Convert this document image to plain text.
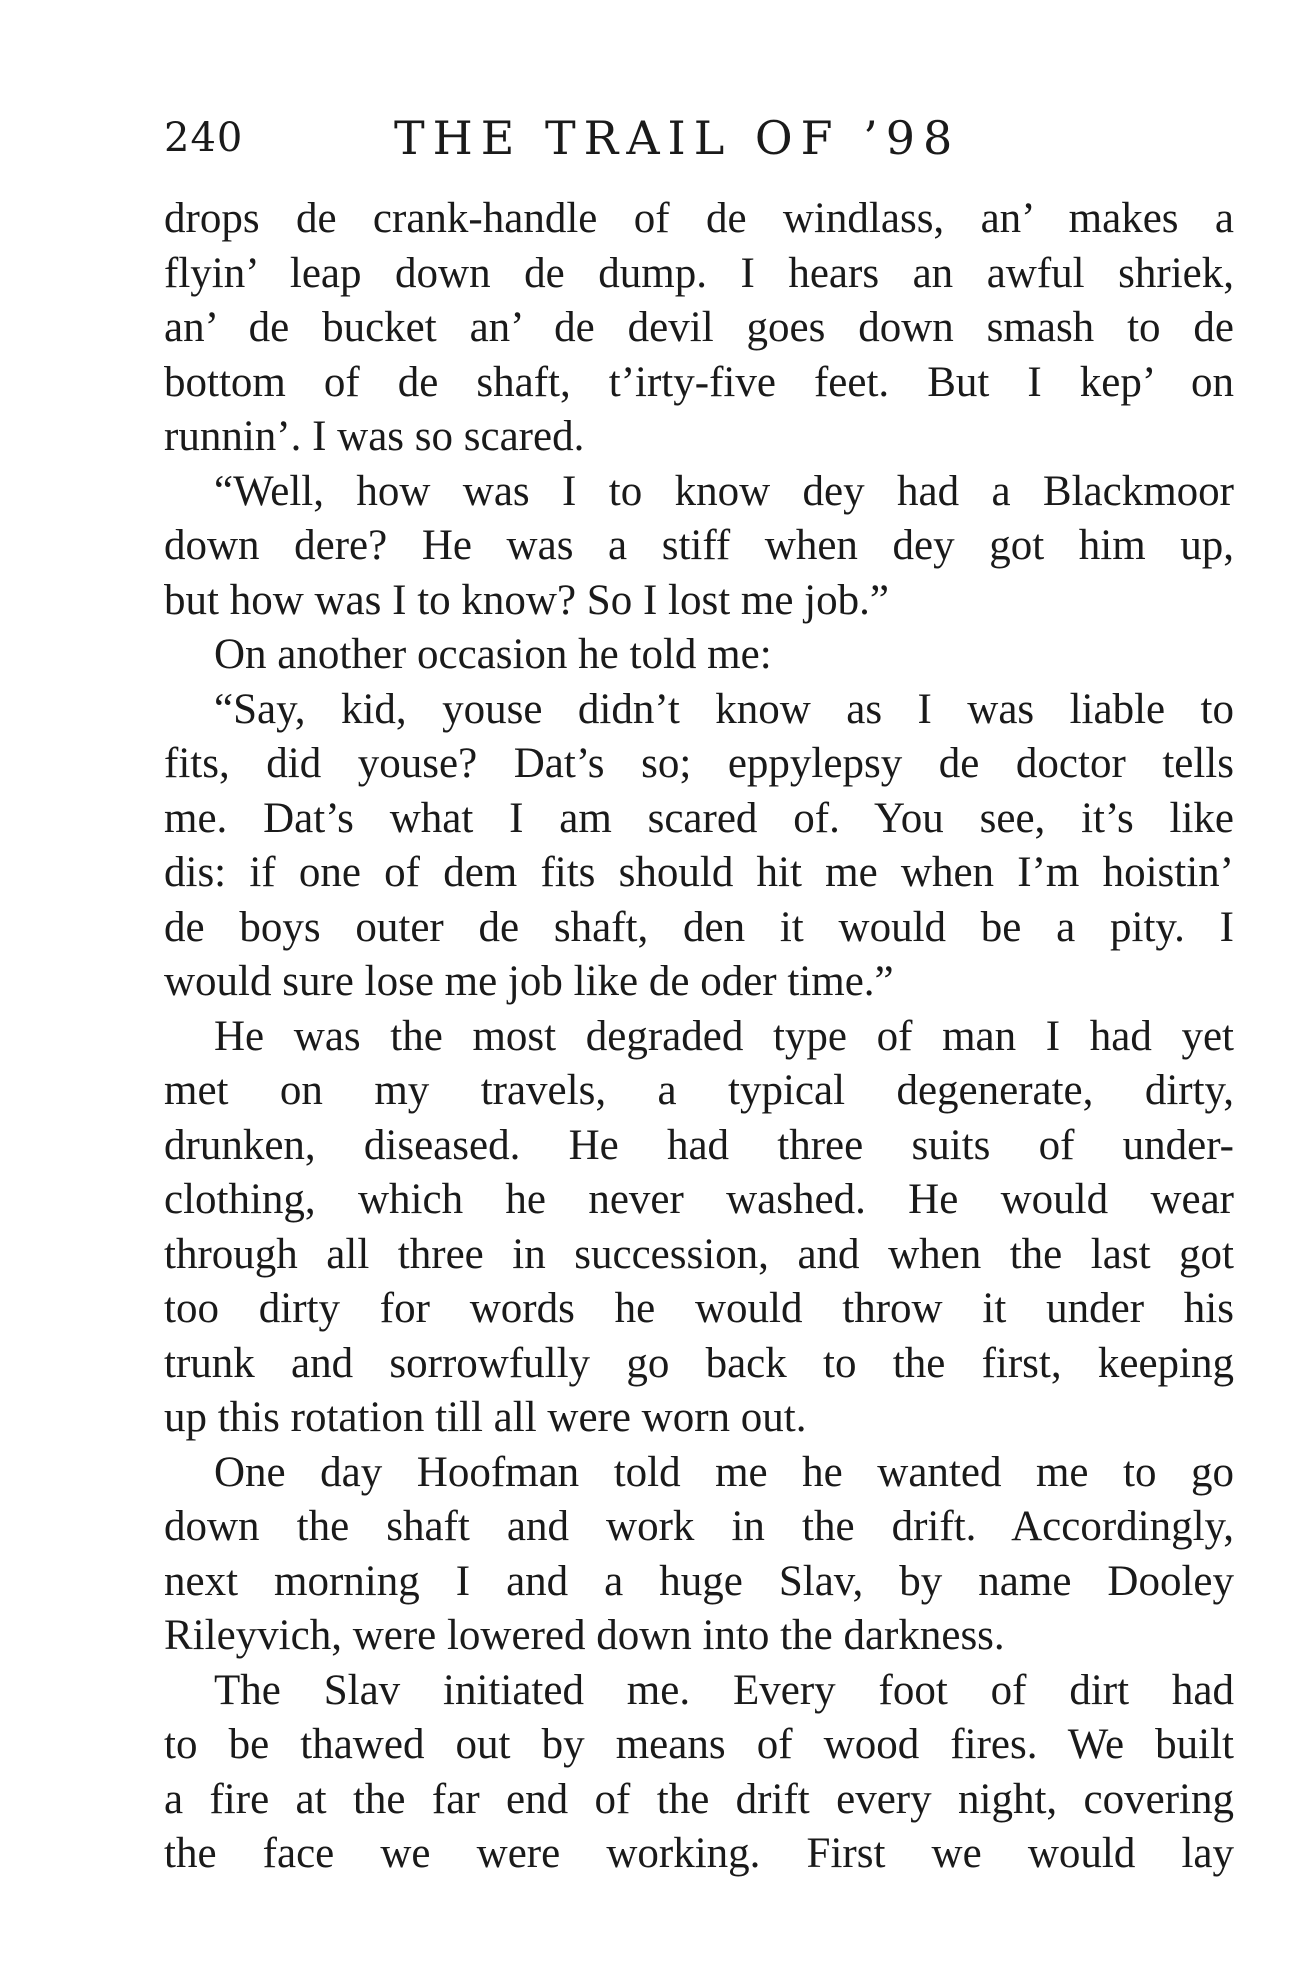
240	THE TRAIL OF ’98
drops de crank-handle of de windlass, an’ makes a
flyin’ leap down de dump. I hears an awful shriek,
an’ de bucket an’ de devil goes down smash to de
bottom of de shaft, t’irty-five feet. But I kep’ on
runnin’. I was so scared.
“Well, how was I to know dey had a Blackmoor
down dere? He was a stiff when dey got him up,
but how was I to know? So I lost me job.”
On another occasion he told me:
“Say, kid, youse didn’t know as I was liable to
fits, did youse? Dat’s so; eppylepsy de doctor tells
me. Dat’s what I am scared of. You see, it’s like
dis: if one of dem fits should hit me when I’m hoistin’
de boys outer de shaft, den it would be a pity. I
would sure lose me job like de oder time.”
He was the most degraded type of man I had yet
met on my travels, a typical degenerate, dirty,
drunken, diseased. He had three suits of under-
clothing, which he never washed. He would wear
through all three in succession, and when the last got
too dirty for words he would throw it under his
trunk and sorrowfully go back to the first, keeping
up this rotation till all were worn out.
One day Hoofman told me he wanted me to go
down the shaft and work in the drift. Accordingly,
next morning I and a huge Slav, by name Dooley
Rileyvich, were lowered down into the darkness.
The Slav initiated me. Every foot of dirt had
to be thawed out by means of wood fires. We built
a fire at the far end of the drift every night, covering
the face we were working. First we would lay
